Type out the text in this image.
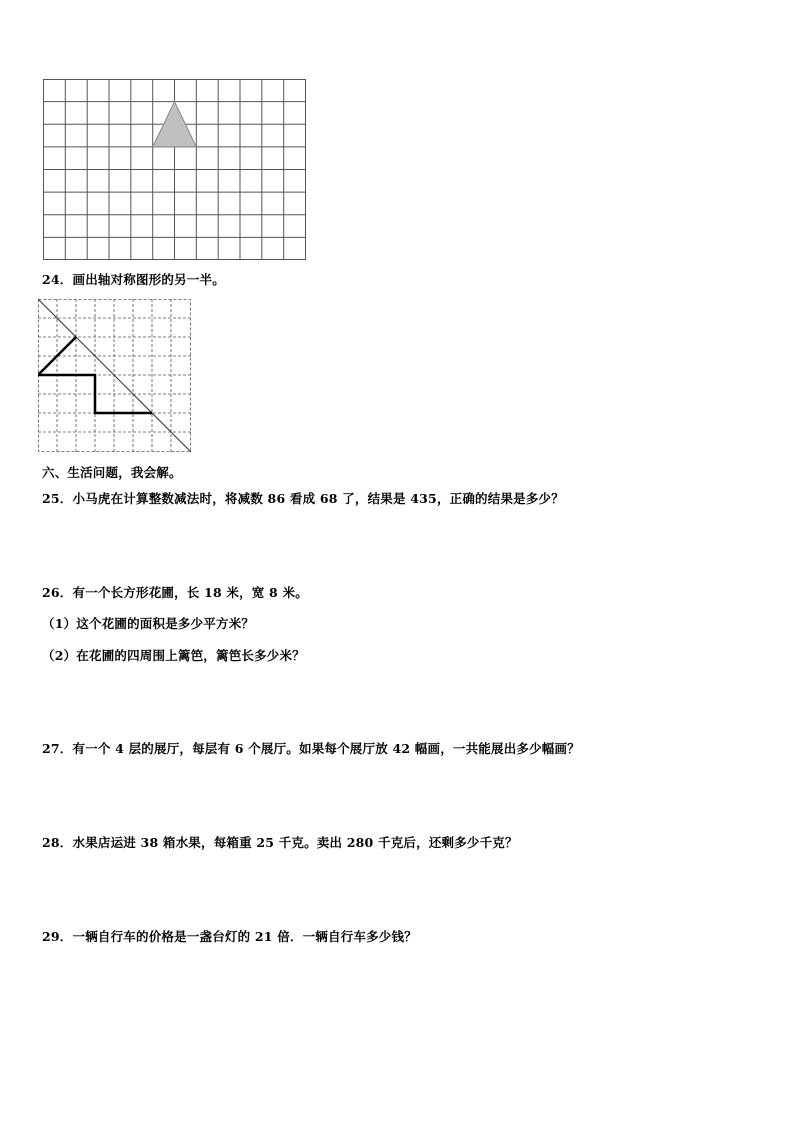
24．画出轴对称图形的另一半。
六、生活问题，我会解。
25．小马虎在计算整数减法时，将减数 86 看成 68 了，结果是 435，正确的结果是多少？
26．有一个长方形花圃，长 18 米，宽 8 米。
（1）这个花圃的面积是多少平方米？
（2）在花圃的四周围上篱笆，篱笆长多少米？
27．有一个 4 层的展厅，每层有 6 个展厅。如果每个展厅放 42 幅画，一共能展出多少幅画？
28．水果店运进 38 箱水果，每箱重 25 千克。卖出 280 千克后，还剩多少千克？
29．一辆自行车的价格是一盏台灯的 21 倍．一辆自行车多少钱？
